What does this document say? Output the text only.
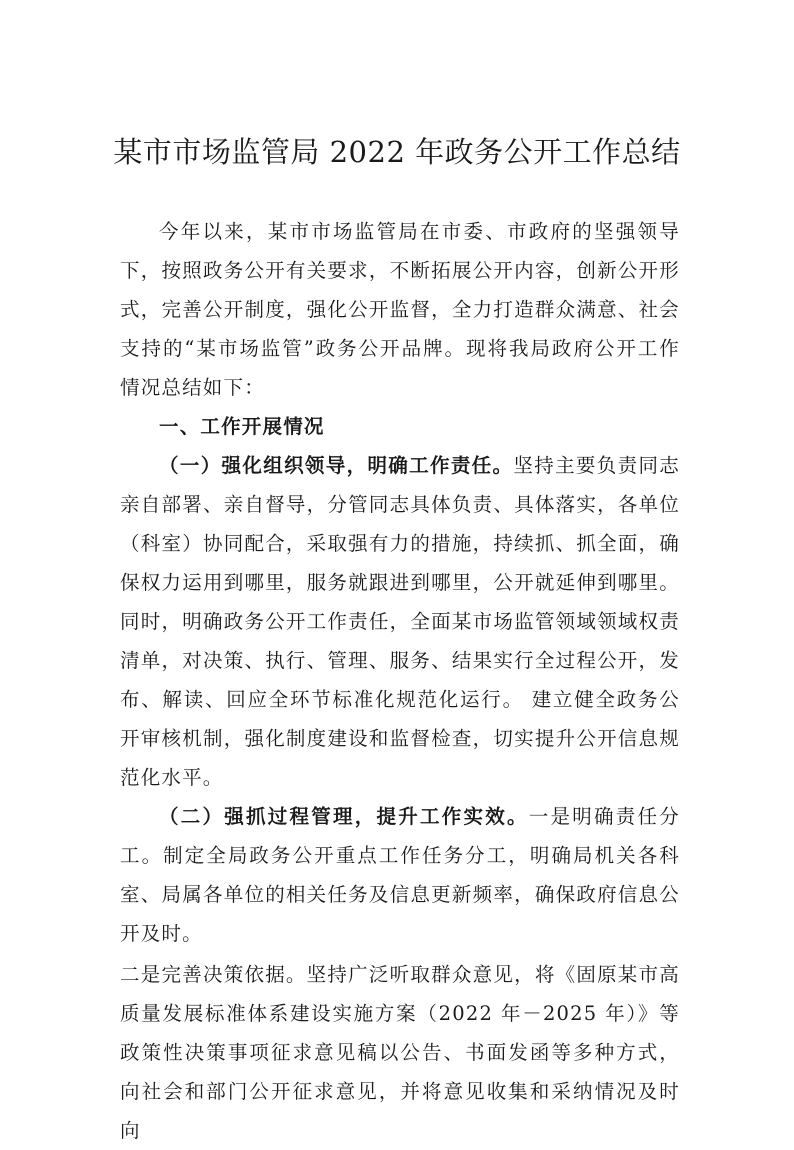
某市市场监管局 2022 年政务公开工作总结

今年以来，某市市场监管局在市委、市政府的坚强领导下，按照政务公开有关要求，不断拓展公开内容，创新公开形式，完善公开制度，强化公开监督，全力打造群众满意、社会支持的“某市场监管”政务公开品牌。现将我局政府公开工作情况总结如下：

一、工作开展情况

（一）强化组织领导，明确工作责任。坚持主要负责同志亲自部署、亲自督导，分管同志具体负责、具体落实，各单位（科室）协同配合，采取强有力的措施，持续抓、抓全面，确保权力运用到哪里，服务就跟进到哪里，公开就延伸到哪里。同时，明确政务公开工作责任，全面某市场监管领域领域权责清单，对决策、执行、管理、服务、结果实行全过程公开，发布、解读、回应全环节标准化规范化运行。 建立健全政务公开审核机制，强化制度建设和监督检查，切实提升公开信息规范化水平。

（二）强抓过程管理，提升工作实效。一是明确责任分工。制定全局政务公开重点工作任务分工，明确局机关各科室、局属各单位的相关任务及信息更新频率，确保政府信息公开及时。

二是完善决策依据。坚持广泛听取群众意见，将《固原某市高质量发展标准体系建设实施方案（2022 年－2025 年）》等政策性决策事项征求意见稿以公告、书面发函等多种方式， 向社会和部门公开征求意见，并将意见收集和采纳情况及时 向
